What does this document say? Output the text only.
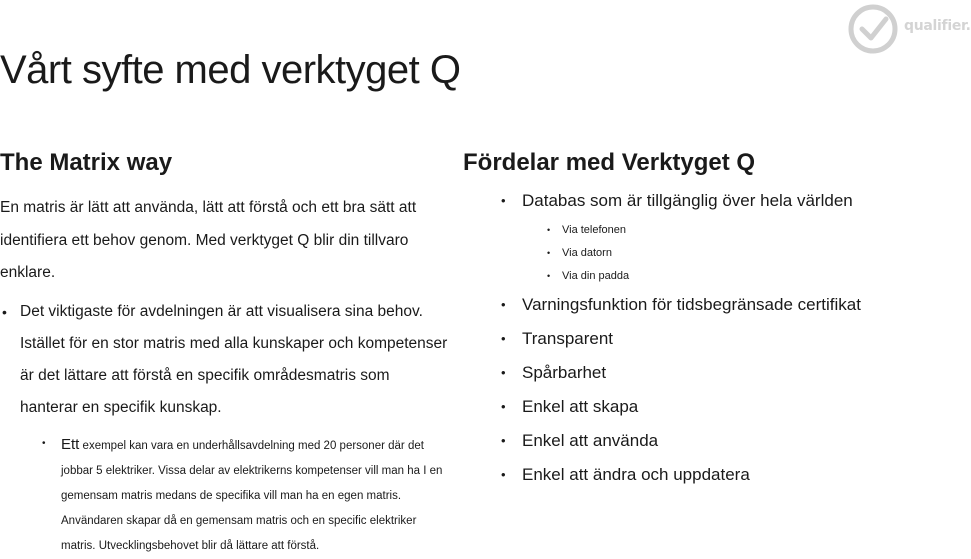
qualifier.
Vårt syfte med verktyget Q
The Matrix way
En matris är lätt att använda, lätt att förstå och ett bra sätt att identifiera ett behov genom. Med verktyget Q blir din tillvaro enklare.
• Det viktigaste för avdelningen är att visualisera sina behov. Istället för en stor matris med alla kunskaper och kompetenser är det lättare att förstå en specifik områdesmatris som hanterar en specifik kunskap.
• Ett exempel kan vara en underhållsavdelning med 20 personer där det jobbar 5 elektriker. Vissa delar av elektrikerns kompetenser vill man ha I en gemensam matris medans de specifika vill man ha en egen matris. Användaren skapar då en gemensam matris och en specific elektriker matris. Utvecklingsbehovet blir då lättare att förstå.
Fördelar med Verktyget Q
• Databas som är tillgänglig över hela världen
• Via telefonen
• Via datorn
• Via din padda
• Varningsfunktion för tidsbegränsade certifikat
• Transparent
• Spårbarhet
• Enkel att skapa
• Enkel att använda
• Enkel att ändra och uppdatera
